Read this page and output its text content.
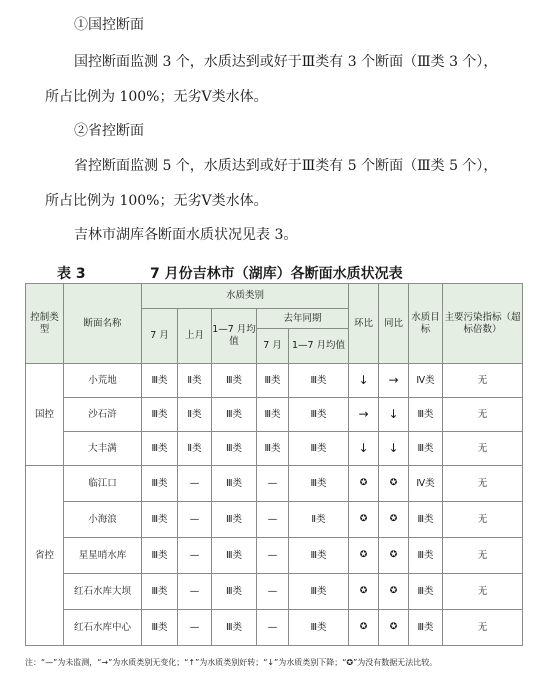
①国控断面
国控断面监测 3 个，水质达到或好于Ⅲ类有 3 个断面（Ⅲ类 3 个），
所占比例为 100%；无劣Ⅴ类水体。
②省控断面
省控断面监测 5 个，水质达到或好于Ⅲ类有 5 个断面（Ⅲ类 5 个），
所占比例为 100%；无劣Ⅴ类水体。
吉林市湖库各断面水质状况见表 3。
表 3	7 月份吉林市（湖库）各断面水质状况表
控制类型	断面名称	水质类别					环比	同比	水质目标	主要污染指标（超标倍数）
		7 月	上月	1—7 月均值	去年同期					
					7 月	1—7 月均值				
国控	小荒地	Ⅲ类	Ⅱ类	Ⅲ类	Ⅲ类	Ⅲ类	↓	→	Ⅳ类	无
	沙石浒	Ⅲ类	Ⅱ类	Ⅲ类	Ⅲ类	Ⅲ类	→	↓	Ⅲ类	无
	大丰满	Ⅲ类	Ⅱ类	Ⅲ类	Ⅲ类	Ⅲ类	↓	↓	Ⅲ类	无
省控	临江口	Ⅲ类	—	Ⅲ类	—	Ⅲ类	✪	✪	Ⅳ类	无
	小海浪	Ⅲ类	—	Ⅲ类	—	Ⅱ类	✪	✪	Ⅲ类	无
	星星哨水库	Ⅲ类	—	Ⅲ类	—	Ⅲ类	✪	✪	Ⅲ类	无
	红石水库大坝	Ⅲ类	—	Ⅲ类	—	Ⅲ类	✪	✪	Ⅲ类	无
	红石水库中心	Ⅲ类	—	Ⅲ类	—	Ⅲ类	✪	✪	Ⅲ类	无
注：“—”为未监测，“→”为水质类别无变化；“↑”为水质类别好转；“↓”为水质类别下降；“✪”为没有数据无法比较。
